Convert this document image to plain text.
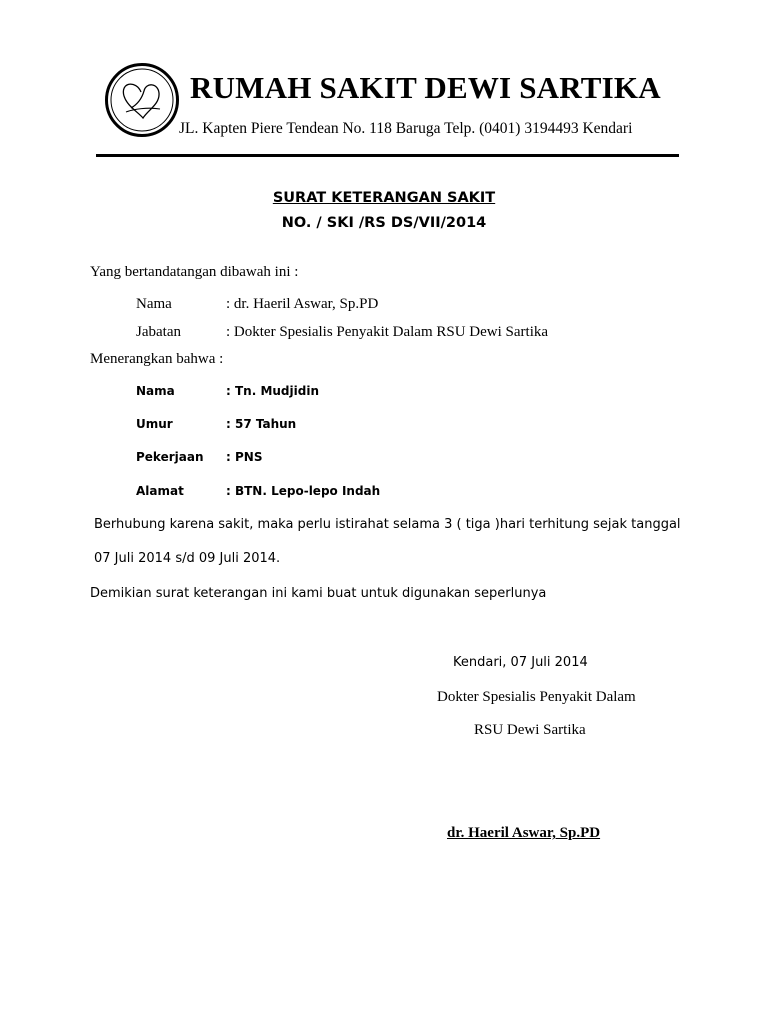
RUMAH SAKIT DEWI SARTIKA
JL. Kapten Piere Tendean No. 118 Baruga Telp. (0401) 3194493 Kendari
SURAT KETERANGAN SAKIT
NO. / SKI /RS DS/VII/2014
Yang bertandatangan dibawah ini :
Nama	: dr. Haeril Aswar, Sp.PD
Jabatan	: Dokter Spesialis Penyakit Dalam RSU Dewi Sartika
Menerangkan bahwa :
Nama	: Tn. Mudjidin
Umur	: 57 Tahun
Pekerjaan : PNS
Alamat	: BTN. Lepo-lepo Indah
Berhubung karena sakit, maka perlu istirahat selama 3 ( tiga )hari terhitung sejak tanggal
07 Juli 2014 s/d 09 Juli 2014.
Demikian surat keterangan ini kami buat untuk digunakan seperlunya
Kendari, 07 Juli 2014
Dokter Spesialis Penyakit Dalam
RSU Dewi Sartika
dr. Haeril Aswar, Sp.PD
